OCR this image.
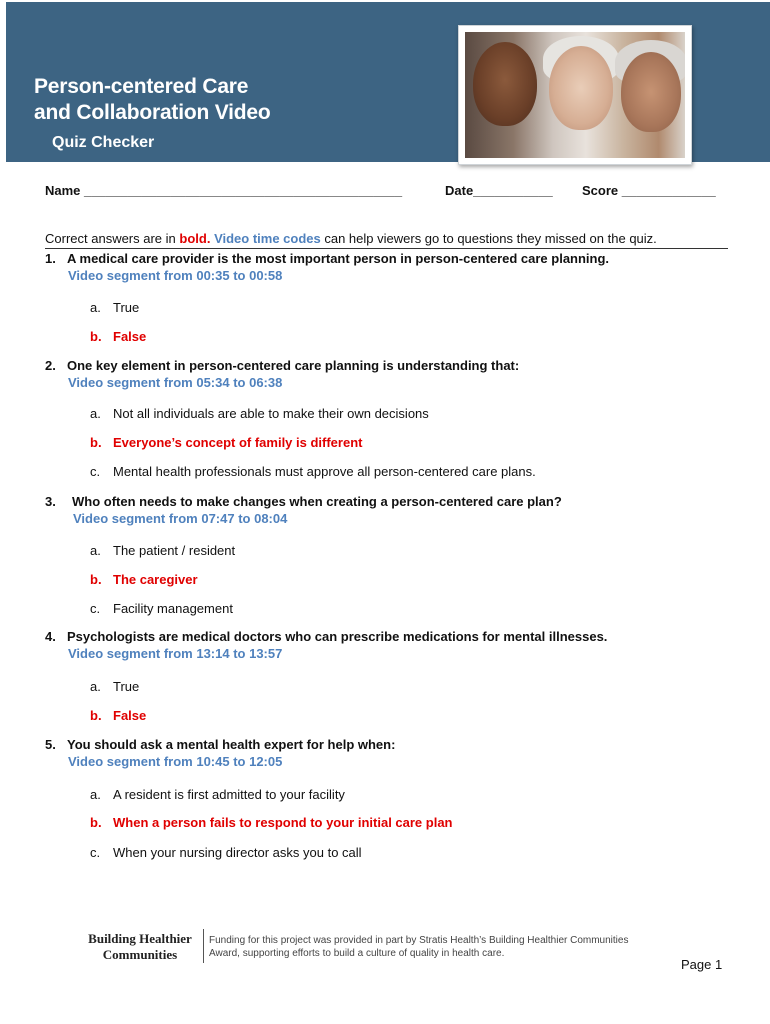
Person-centered Care
and Collaboration Video
Quiz Checker
Name ____________________________________________	Date___________ Score _____________
Correct answers are in bold. Video time codes can help viewers go to questions they missed on the quiz.
1. A medical care provider is the most important person in person-centered care planning.
Video segment from 00:35 to 00:58
a. True
b. False
2. One key element in person-centered care planning is understanding that:
Video segment from 05:34 to 06:38
a. Not all individuals are able to make their own decisions
b. Everyone’s concept of family is different
c. Mental health professionals must approve all person-centered care plans.
3. Who often needs to make changes when creating a person-centered care plan?
Video segment from 07:47 to 08:04
a. The patient / resident
b. The caregiver
c. Facility management
4. Psychologists are medical doctors who can prescribe medications for mental illnesses.
Video segment from 13:14 to 13:57
a. True
b. False
5. You should ask a mental health expert for help when:
Video segment from 10:45 to 12:05
a. A resident is first admitted to your facility
b. When a person fails to respond to your initial care plan
c. When your nursing director asks you to call
Building Healthier
Communities
Funding for this project was provided in part by Stratis Health’s Building Healthier Communities
Award, supporting efforts to build a culture of quality in health care.
Page 1
